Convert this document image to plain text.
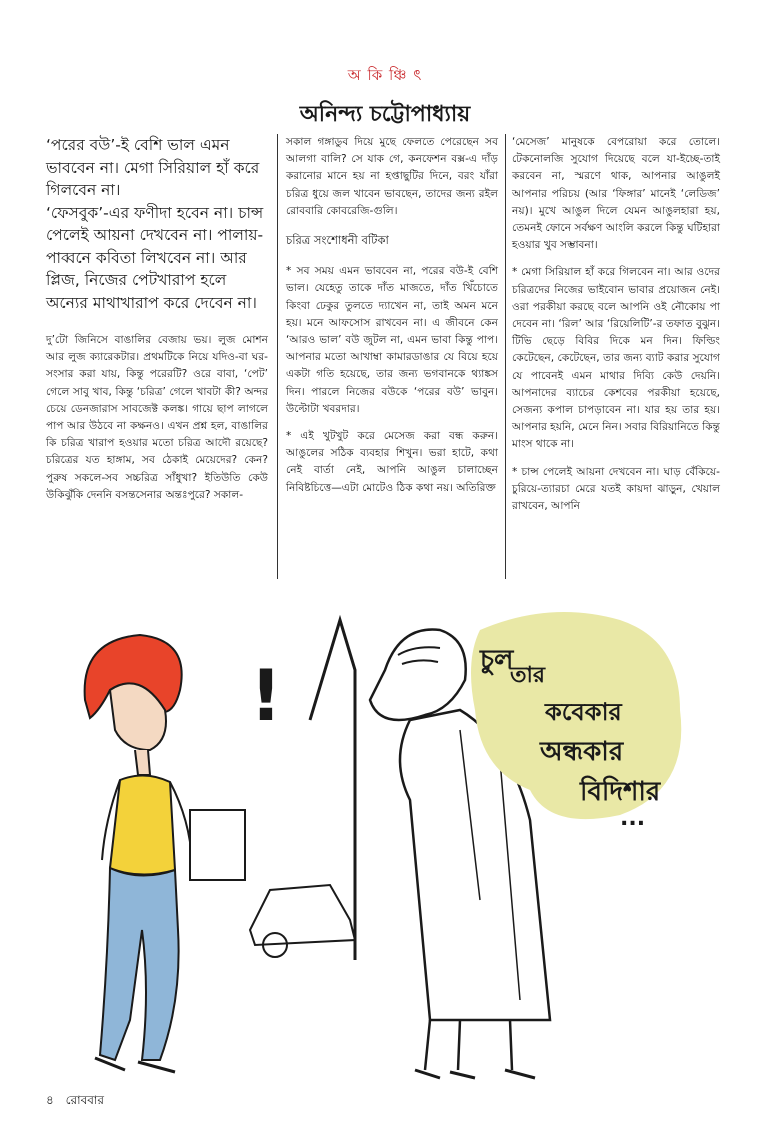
অ কি ঞ্চি ৎ
অনিন্দ্য চট্টোপাধ্যায়

‘পরের বউ’-ই বেশি ভাল এমন ভাববেন না। মেগা সিরিয়াল হাঁ করে গিলবেন না।

‘ফেসবুক’-এর ফণীদা হবেন না। চান্স পেলেই আয়না দেখবেন না। পালায়-পাব্বনে কবিতা লিখবেন না। আর প্লিজ, নিজের পেটখারাপ হলে অন্যের মাথাখারাপ করে দেবেন না।

দু’টো জিনিসে বাঙালির বেজায় ভয়। লুজ মোশন আর লুজ ক্যারেকটার। প্রথমটিকে নিয়ে যদিও-বা ঘর-সংসার করা যায়, কিন্তু পরেরটি? ওরে বাবা, ‘পেট’ গেলে সাবু খাব, কিন্তু ‘চরিত্র’ গেলে খাবটা কী? অন্দর চেয়ে ডেনজারাস সাবজেক্ট কলঙ্ক। গায়ে ছাপ লাগলে পাপ আর উঠবে না কক্ষনও। এখন প্রশ্ন হল, বাঙালির কি চরিত্র খারাপ হওয়ার মতো চরিত্র আদৌ রয়েছে? চরিত্রের যত হাঙ্গাম, সব ঠেকাই মেয়েদের? কেন? পুরুষ সকলে-সব সচ্চরিত্র সাঁধুখা? ইতিউতি কেউ উকিঝুঁকি দেননি বসন্তসেনার অন্তঃপুরে? সকাল-

সকাল গঙ্গাডুব দিয়ে মুছে ফেলতে পেরেছেন সব আলগা বালি? সে যাক গে, কনফেশন বক্স-এ দাঁড় করানোর মানে হয় না হপ্তাছুটির দিনে, বরং যাঁরা চরিত্র ধুয়ে জল খাবেন ভাবছেন, তাদের জন্য রইল রোববারি কোবরেজি-গুলি।

চরিত্র সংশোধনী বটিকা

* সব সময় এমন ভাববেন না, পরের বউ-ই বেশি ভাল। যেহেতু তাকে দাঁত মাজতে, দাঁত খিঁচোতে কিংবা ঢেকুর তুলতে দ্যাখেন না, তাই অমন মনে হয়। মনে আফসোস রাখবেন না। এ জীবনে কেন ‘আরও ভাল’ বউ জুটল না, এমন ভাবা কিন্তু পাপ। আপনার মতো আখাম্বা কামারডাঙার যে বিয়ে হয়ে একটা গতি হয়েছে, তার জন্য ভগবানকে থ্যাঙ্কস দিন। পারলে নিজের বউকে ‘পরের বউ’ ভাবুন। উল্টোটা খবরদার।

* এই খুটখুট করে মেসেজ করা বন্ধ করুন। আঙুলের সঠিক ব্যবহার শিখুন। ভরা হাটে, কথা নেই বার্তা নেই, আপনি আঙুল চালাচ্ছেন নিবিষ্টচিত্তে—এটা মোটেও ঠিক কথা নয়। অতিরিক্ত

‘মেসেজ’ মানুষকে বেপরোয়া করে তোলে। টেকনোলজি সুযোগ দিয়েছে বলে যা-ইচ্ছে-তাই করবেন না, স্মরণে থাক, আপনার আঙুলই আপনার পরিচয় (আর ‘ফিঙ্গার’ মানেই ‘লেডিজ’ নয়)। মুখে আঙুল দিলে যেমন আঙুলহারা হয়, তেমনই ফোনে সর্বক্ষণ আংলি করলে কিন্তু ঘটিহারা হওয়ার খুব সম্ভাবনা।

* মেগা সিরিয়াল হাঁ করে গিলবেন না। আর ওদের চরিত্রদের নিজের ভাইবোন ভাবার প্রয়োজন নেই। ওরা পরকীয়া করছে বলে আপনি ওই নৌকোয় পা দেবেন না। ‘রিল’ আর ‘রিয়েলিটি’-র তফাত বুঝুন। টিভি ছেড়ে বিবির দিকে মন দিন। ফিল্ডিং কেটেছেন, কেটেছেন, তার জন্য ব্যাট করার সুযোগ যে পাবেনই এমন মাথার দিব্যি কেউ দেয়নি। আপনাদের ব্যাচের কেশবের পরকীয়া হয়েছে, সেজন্য কপাল চাপড়াবেন না। যার হয় তার হয়। আপনার হয়নি, মেনে নিন। সবার বিরিয়ানিতে কিন্তু মাংস থাকে না।

* চান্স পেলেই আয়না দেখবেন না। ঘাড় বেঁকিয়ে-চুরিয়ে-ত্যারচা মেরে যতই কায়দা ঝাড়ুন, খেয়াল রাখবেন, আপনি

!	চুল
তার
কবেকার
অন্ধকার
বিদিশার
...
৪ রোববার
